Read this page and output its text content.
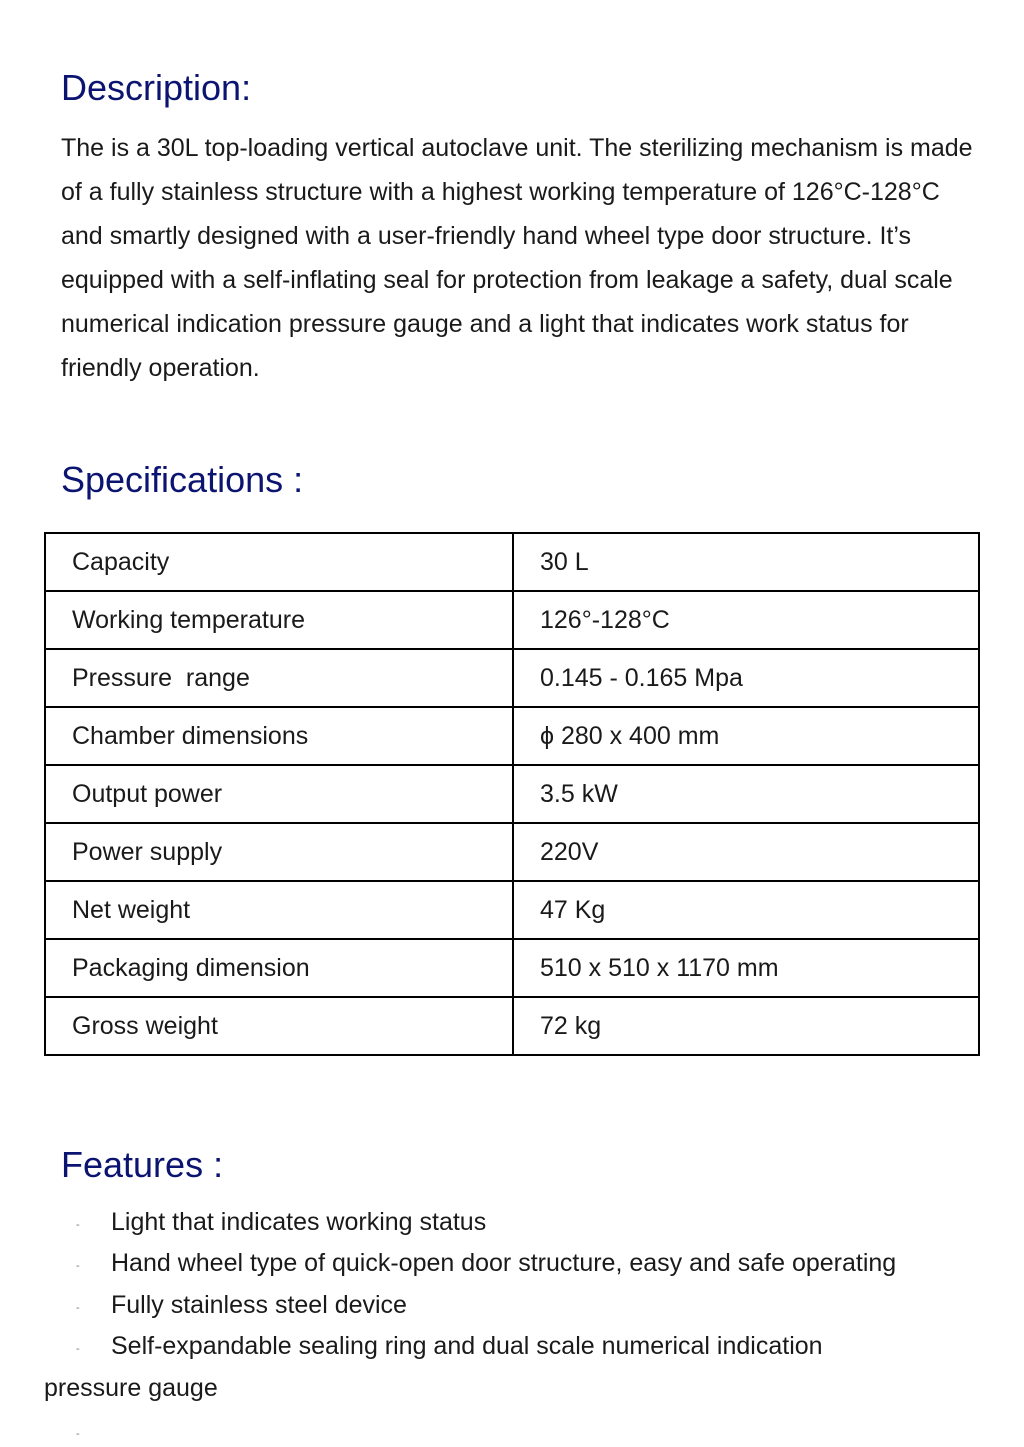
Description:

The is a 30L top-loading vertical autoclave unit. The sterilizing mechanism is made of a fully stainless structure with a highest working temperature of 126°C-128°C and smartly designed with a user-friendly hand wheel type door structure. It’s equipped with a self-inflating seal for protection from leakage a safety, dual scale numerical indication pressure gauge and a light that indicates work status for friendly operation.

Specifications :
Capacity	30 L
Working temperature	126°-128°C
Pressure  range	0.145 - 0.165 Mpa
Chamber dimensions	ϕ 280 x 400 mm
Output power	3.5 kW
Power supply	220V
Net weight	47 Kg
Packaging dimension	510 x 510 x 1170 mm
Gross weight	72 kg
Features :
- Light that indicates working status
- Hand wheel type of quick-open door structure, easy and safe operating
- Fully stainless steel device
- Self-expandable sealing ring and dual scale numerical indication
pressure gauge
-
